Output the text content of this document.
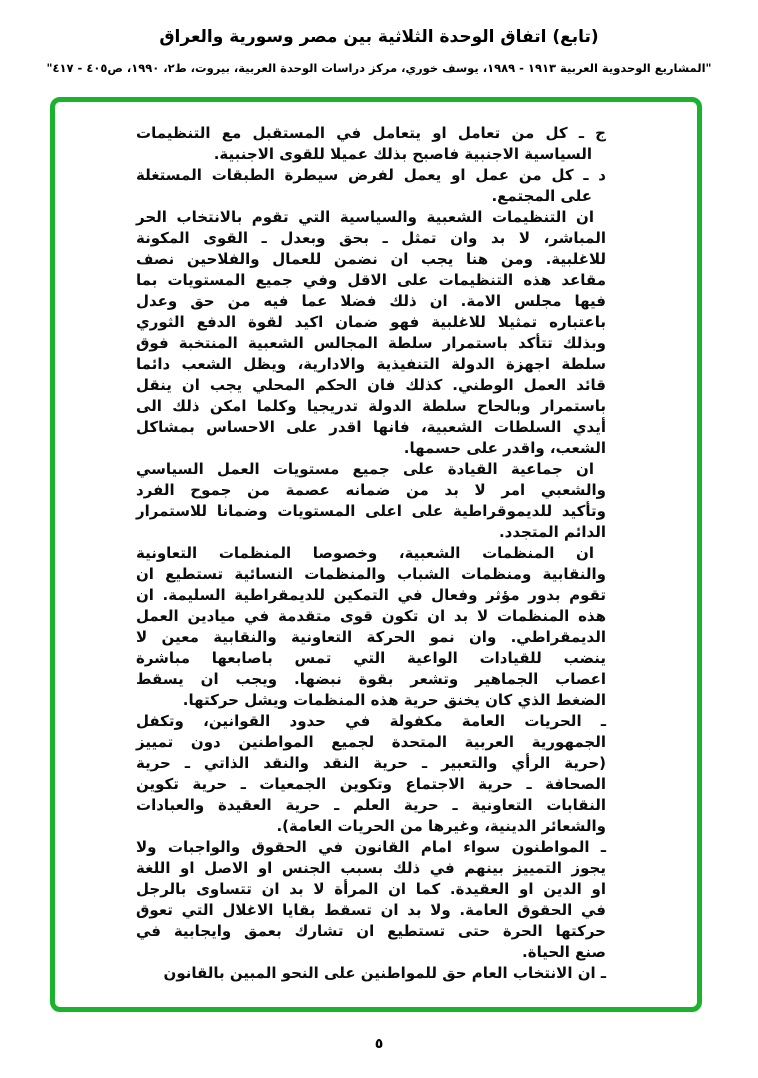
(تابع) اتفاق الوحدة الثلاثية بين مصر وسورية والعراق
"المشاريع الوحدوية العربية ١٩١٣ - ١٩٨٩، يوسف خوري، مركز دراسات الوحدة العربية، بيروت، ط٢، ١٩٩٠، ص٤٠٥ - ٤١٧"
ج ـ كل من تعامل او يتعامل في المستقبل مع التنظيمات
السياسية الاجنبية فاصبح بذلك عميلا للقوى الاجنبية.
د ـ كل من عمل او يعمل لفرض سيطرة الطبقات المستغلة
على المجتمع.
ان التنظيمات الشعبية والسياسية التي تقوم بالانتخاب الحر
المباشر، لا بد وان تمثل ـ بحق وبعدل ـ القوى المكونة
للاغلبية. ومن هنا يجب ان نضمن للعمال والفلاحين نصف
مقاعد هذه التنظيمات على الاقل وفي جميع المستويات بما
فيها مجلس الامة. ان ذلك فضلا عما فيه من حق وعدل
باعتباره تمثيلا للاغلبية فهو ضمان اكيد لقوة الدفع الثوري
وبذلك تتأكد باستمرار سلطة المجالس الشعبية المنتخبة فوق
سلطة اجهزة الدولة التنفيذية والادارية، ويظل الشعب دائما
قائد العمل الوطني. كذلك فان الحكم المحلي يجب ان ينقل
باستمرار وبالحاح سلطة الدولة تدريجيا وكلما امكن ذلك الى
أيدي السلطات الشعبية، فانها اقدر على الاحساس بمشاكل
الشعب، واقدر على حسمها.
ان جماعية القيادة على جميع مستويات العمل السياسي
والشعبي امر لا بد من ضمانه عصمة من جموح الفرد
وتأكيد للديموقراطية على اعلى المستويات وضمانا للاستمرار
الدائم المتجدد.
ان المنظمات الشعبية، وخصوصا المنظمات التعاونية
والنقابية ومنظمات الشباب والمنظمات النسائية تستطيع ان
تقوم بدور مؤثر وفعال في التمكين للديمقراطية السليمة. ان
هذه المنظمات لا بد ان تكون قوى متقدمة في ميادين العمل
الديمقراطي. وان نمو الحركة التعاونية والنقابية معين لا
ينضب للقيادات الواعية التي تمس باصابعها مباشرة
اعصاب الجماهير وتشعر بقوة نبضها. ويجب ان يسقط
الضغط الذي كان يخنق حرية هذه المنظمات ويشل حركتها.
ـ الحريات العامة مكفولة في حدود القوانين، وتكفل
الجمهورية العربية المتحدة لجميع المواطنين دون تمييز
(حرية الرأي والتعبير ـ حرية النقد والنقد الذاتي ـ حرية
الصحافة ـ حرية الاجتماع وتكوين الجمعيات ـ حرية تكوين
النقابات التعاونية ـ حرية العلم ـ حرية العقيدة والعبادات
والشعائر الدينية، وغيرها من الحريات العامة).
ـ المواطنون سواء امام القانون في الحقوق والواجبات ولا
يجوز التمييز بينهم في ذلك بسبب الجنس او الاصل او اللغة
او الدين او العقيدة. كما ان المرأة لا بد ان تتساوى بالرجل
في الحقوق العامة. ولا بد ان تسقط بقايا الاغلال التي تعوق
حركتها الحرة حتى تستطيع ان تشارك بعمق وايجابية في
صنع الحياة.
ـ ان الانتخاب العام حق للمواطنين على النحو المبين بالقانون
٥
